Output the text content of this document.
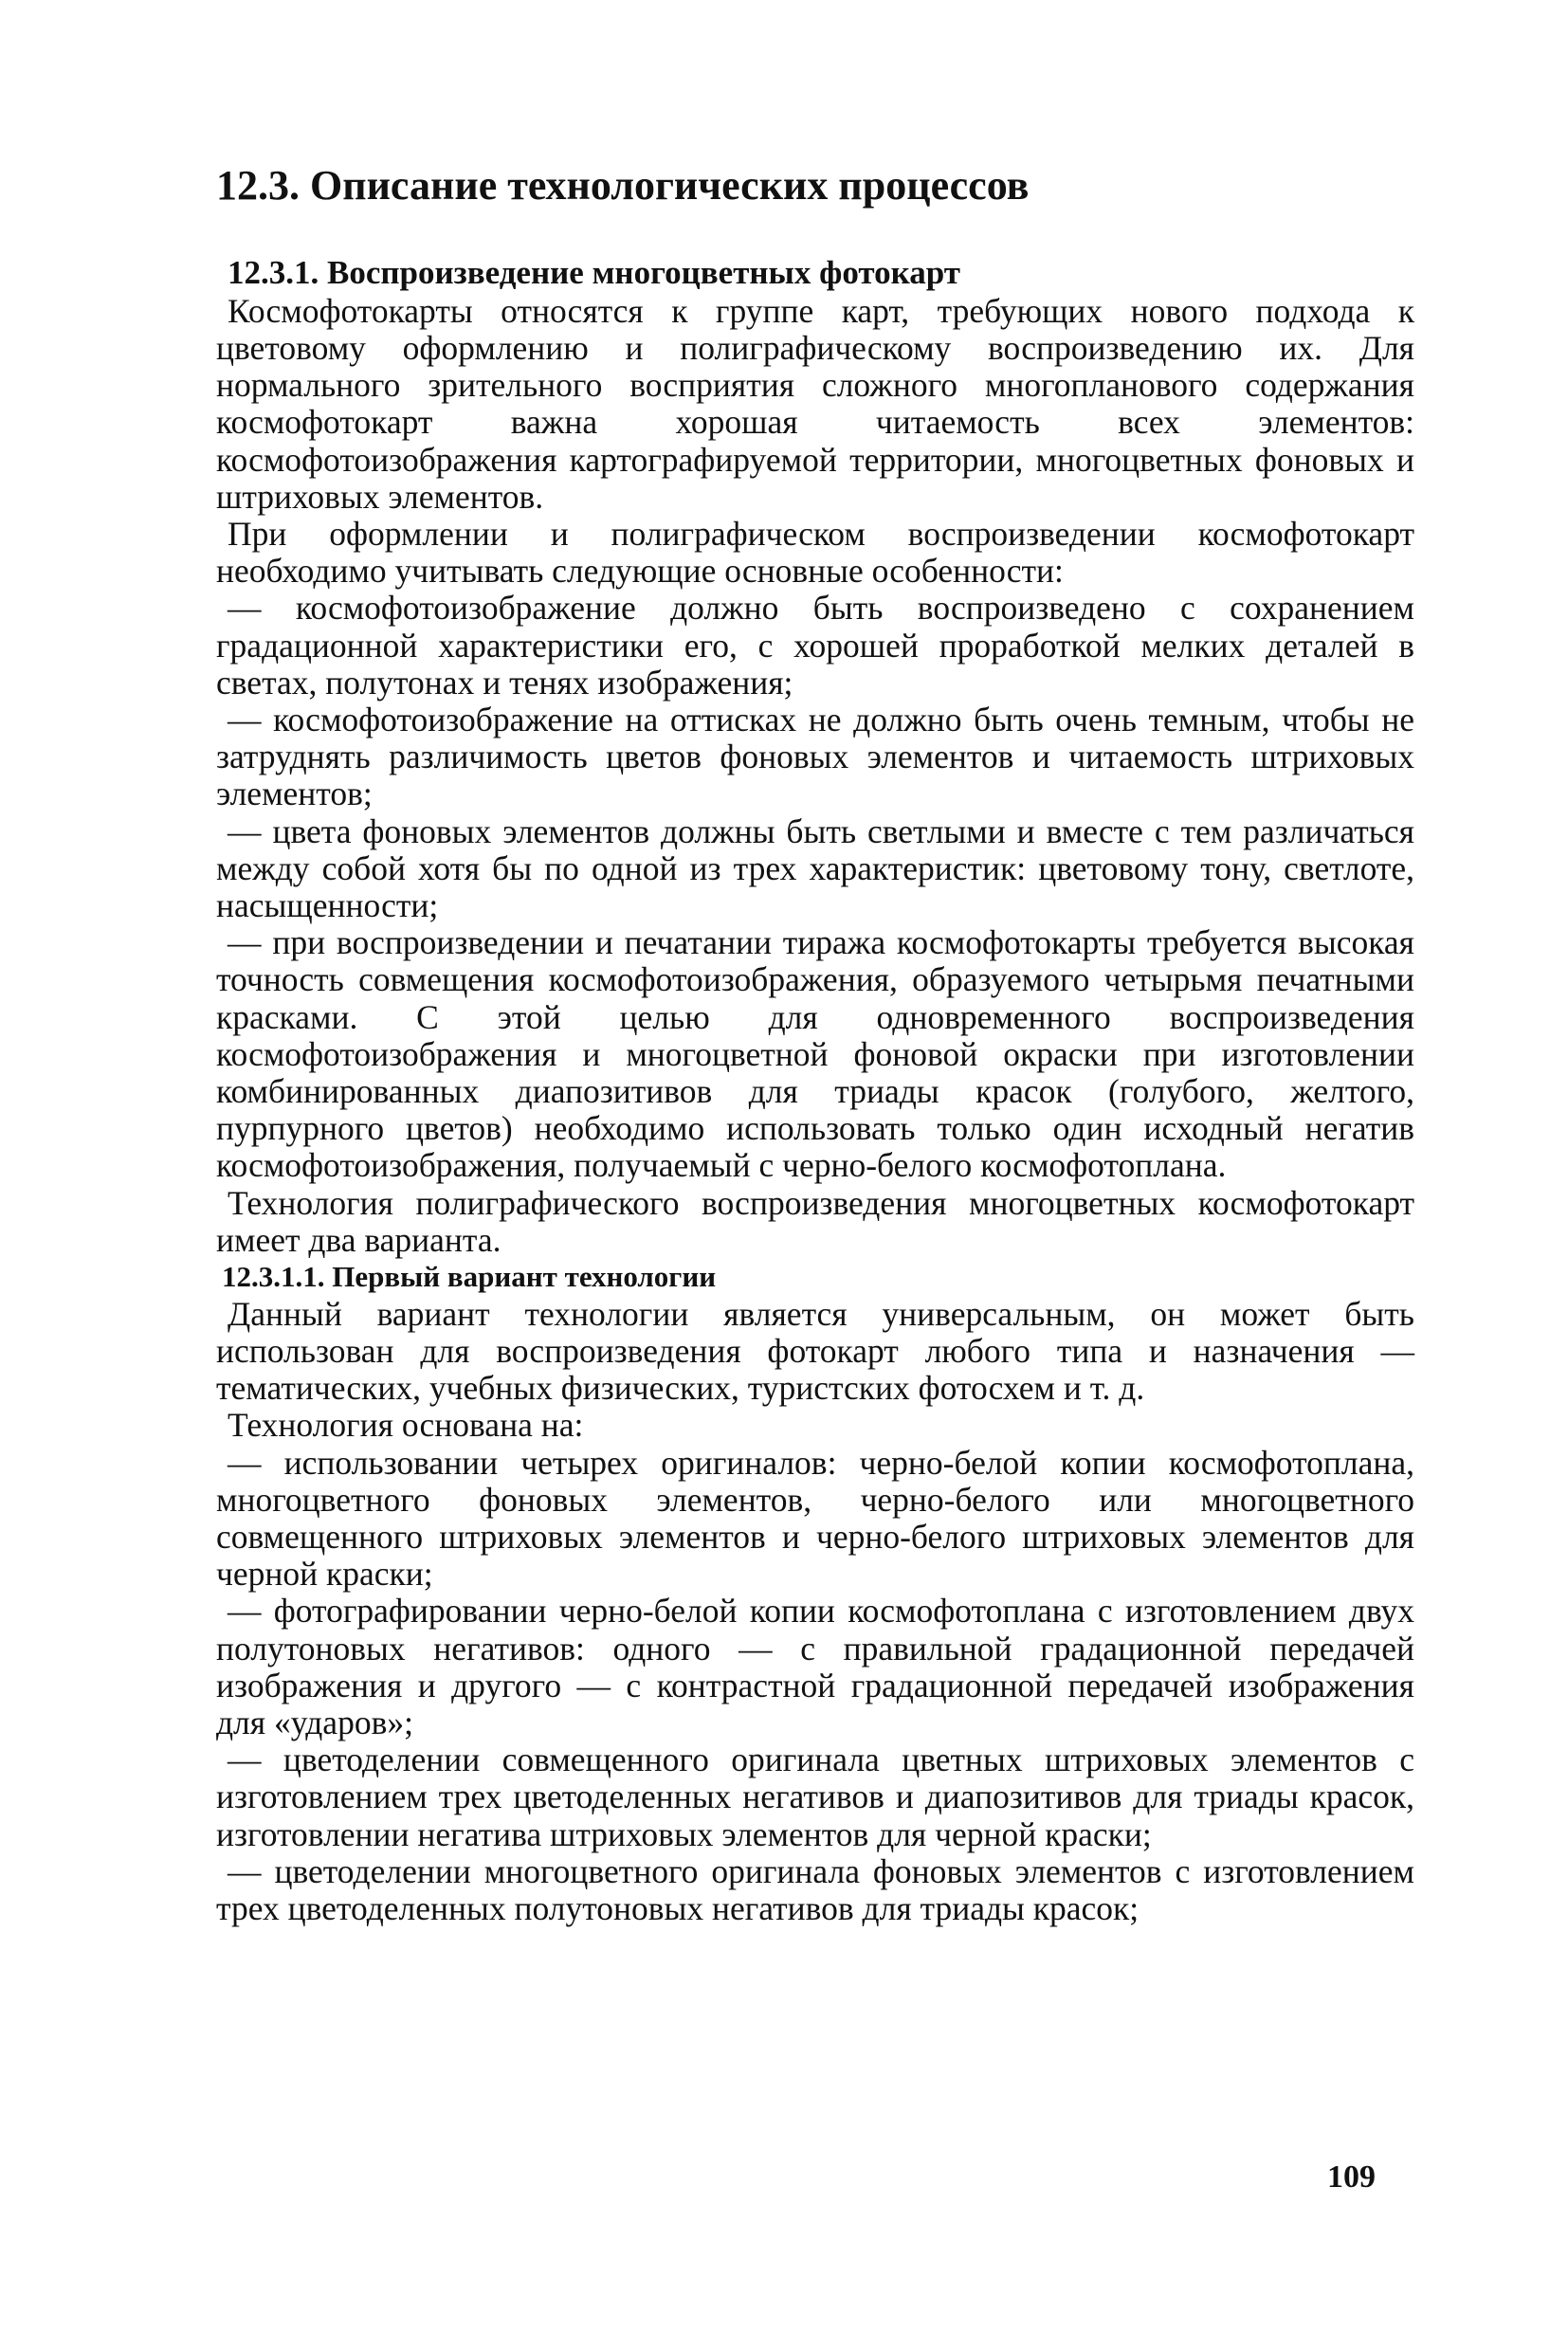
12.3. Описание технологических процессов
12.3.1. Воспроизведение многоцветных фотокарт

Космофотокарты относятся к группе карт, требующих нового подхода к цветовому оформлению и полиграфическому воспроизведению их. Для нормального зрительного восприятия сложного многопланового содержания космофотокарт важна хорошая читаемость всех элементов: космофотоизображения картографируемой территории, многоцветных фоновых и штриховых элементов.

При оформлении и полиграфическом воспроизведении космофотокарт необходимо учитывать следующие основные особенности:

— космофотоизображение должно быть воспроизведено с сохранением градационной характеристики его, с хорошей проработкой мелких деталей в светах, полутонах и тенях изображения;

— космофотоизображение на оттисках не должно быть очень темным, чтобы не затруднять различимость цветов фоновых элементов и читаемость штриховых элементов;

— цвета фоновых элементов должны быть светлыми и вместе с тем различаться между собой хотя бы по одной из трех характеристик: цветовому тону, светлоте, насыщенности;

— при воспроизведении и печатании тиража космофотокарты требуется высокая точность совмещения космофотоизображения, образуемого четырьмя печатными красками. С этой целью для одновременного воспроизведения космофотоизображения и многоцветной фоновой окраски при изготовлении комбинированных диапозитивов для триады красок (голубого, желтого, пурпурного цветов) необходимо использовать только один исходный негатив космофотоизображения, получаемый с черно-белого космофотоплана.

Технология полиграфического воспроизведения многоцветных космофотокарт имеет два варианта.

12.3.1.1. Первый вариант технологии

Данный вариант технологии является универсальным, он может быть использован для воспроизведения фотокарт любого типа и назначения — тематических, учебных физических, туристских фотосхем и т. д.

Технология основана на:

— использовании четырех оригиналов: черно-белой копии космофотоплана, многоцветного фоновых элементов, черно-белого или многоцветного совмещенного штриховых элементов и черно-белого штриховых элементов для черной краски;

— фотографировании черно-белой копии космофотоплана с изготовлением двух полутоновых негативов: одного — с правильной градационной передачей изображения и другого — с контрастной градационной передачей изображения для «ударов»;

— цветоделении совмещенного оригинала цветных штриховых элементов с изготовлением трех цветоделенных негативов и диапозитивов для триады красок, изготовлении негатива штриховых элементов для черной краски;

— цветоделении многоцветного оригинала фоновых элементов с изготовлением трех цветоделенных полутоновых негативов для триады красок;

109
